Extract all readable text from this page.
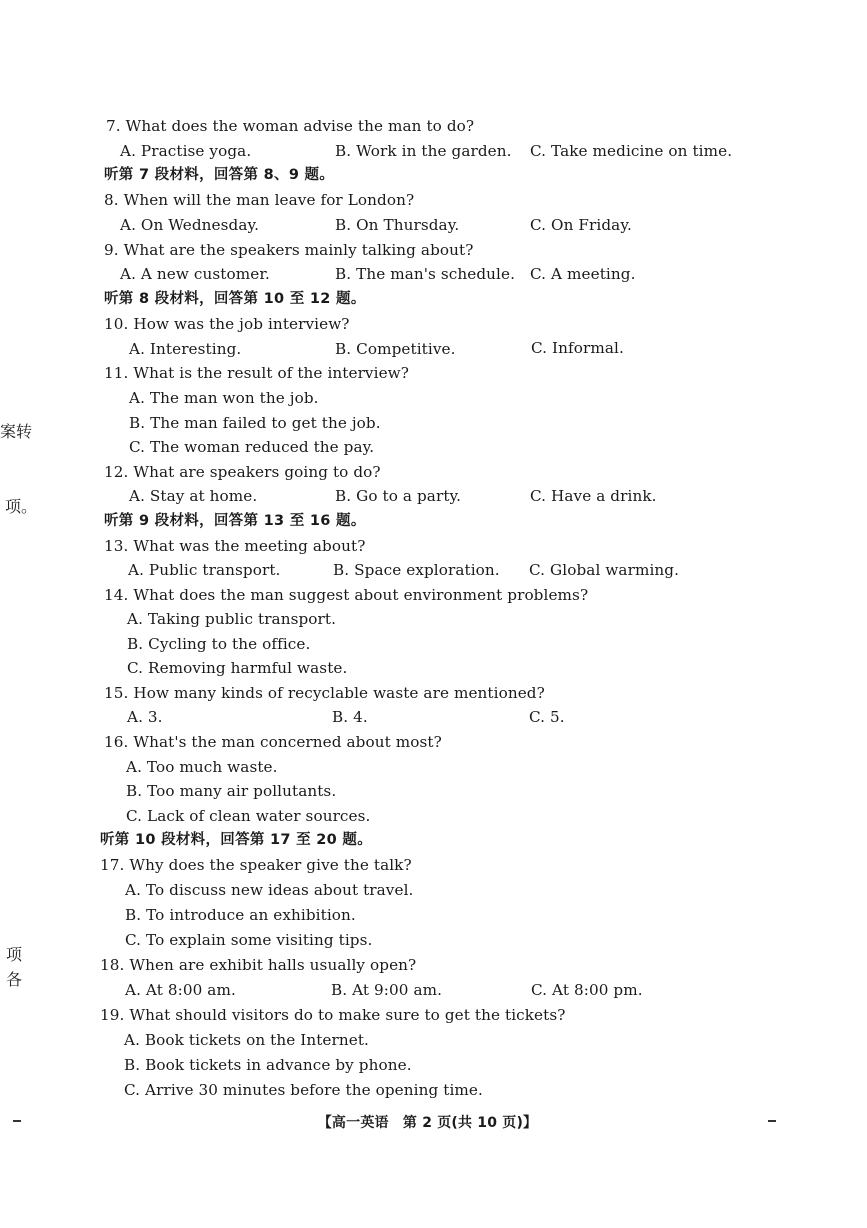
案转
项。
项
各
7. What does the woman advise the man to do?
A. Practise yoga.	B. Work in the garden. C. Take medicine on time.
听第 7 段材料，回答第 8、9 题。
8. When will the man leave for London?
A. On Wednesday.	B. On Thursday.	C. On Friday.
9. What are the speakers mainly talking about?
A. A new customer.	B. The man's schedule. C. A meeting.
听第 8 段材料，回答第 10 至 12 题。
10. How was the job interview?
A. Interesting.	B. Competitive.	C. Informal.
11. What is the result of the interview?
A. The man won the job.
B. The man failed to get the job.
C. The woman reduced the pay.
12. What are speakers going to do?
A. Stay at home.	B. Go to a party.	C. Have a drink.
听第 9 段材料，回答第 13 至 16 题。
13. What was the meeting about?
A. Public transport.	B. Space exploration. C. Global warming.
14. What does the man suggest about environment problems?
A. Taking public transport.
B. Cycling to the office.
C. Removing harmful waste.
15. How many kinds of recyclable waste are mentioned?
A. 3.	B. 4.	C. 5.
16. What's the man concerned about most?
A. Too much waste.
B. Too many air pollutants.
C. Lack of clean water sources.
听第 10 段材料，回答第 17 至 20 题。
17. Why does the speaker give the talk?
A. To discuss new ideas about travel.
B. To introduce an exhibition.
C. To explain some visiting tips.
18. When are exhibit halls usually open?
A. At 8:00 am.	B. At 9:00 am.	C. At 8:00 pm.
19. What should visitors do to make sure to get the tickets?
A. Book tickets on the Internet.
B. Book tickets in advance by phone.
C. Arrive 30 minutes before the opening time.
【高一英语　第 2 页(共 10 页)】
